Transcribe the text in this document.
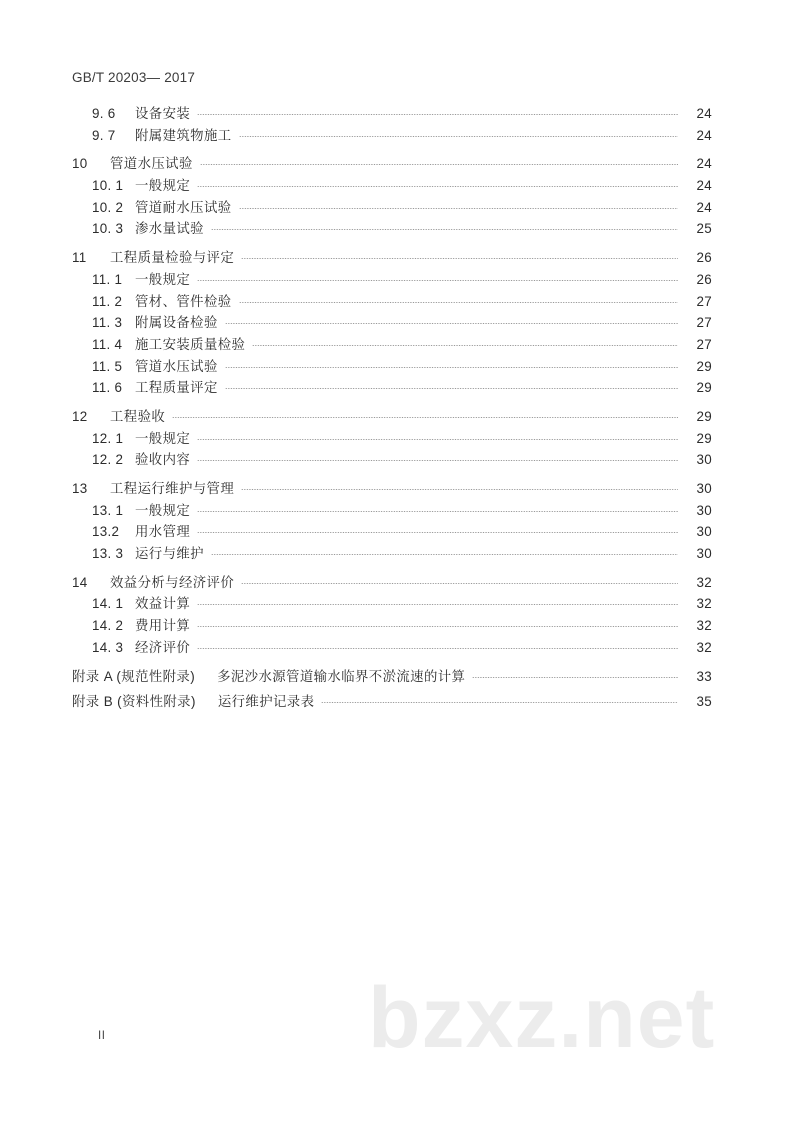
bzxz.net
GB/T 20203— 2017
9. 6	设备安装	24
9. 7	附属建筑物施工	24
10	管道水压试验	24
10. 1 一般规定	24
10. 2 管道耐水压试验	24
10. 3 渗水量试验	25
11	工程质量检验与评定	26
11. 1 一般规定	26
11. 2 管材、管件检验	27
11. 3 附属设备检验	27
11. 4 施工安装质量检验	27
11. 5 管道水压试验	29
11. 6 工程质量评定	29
12	工程验收	29
12. 1 一般规定	29
12. 2 验收内容	30
13	工程运行维护与管理	30
13. 1 一般规定	30
13.2	用水管理	30
13. 3 运行与维护	30
14	效益分析与经济评价	32
14. 1 效益计算	32
14. 2 费用计算	32
14. 3 经济评价	32
附录 A (规范性附录) 多泥沙水源管道输水临界不淤流速的计算	33
附录 B (资料性附录) 运行维护记录表	35
II
